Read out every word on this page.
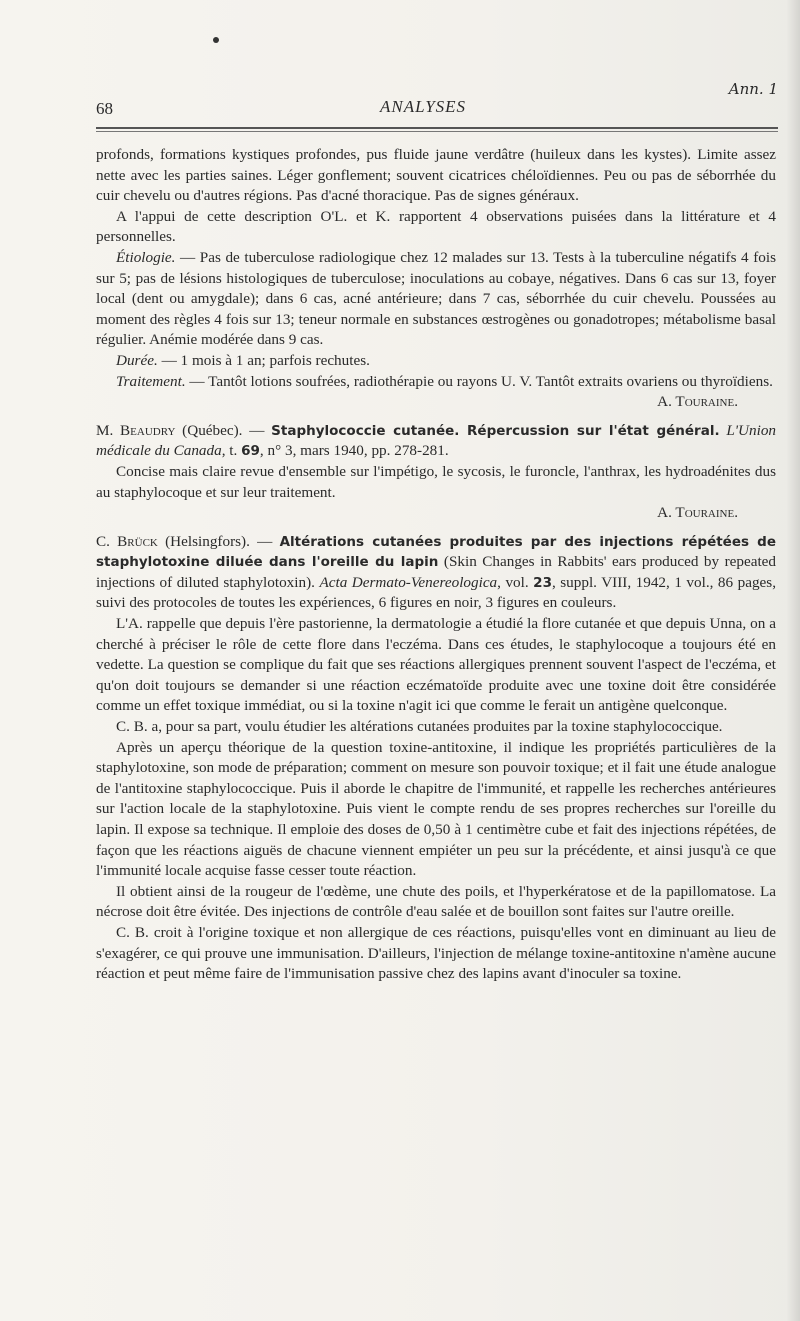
Ann. 1
68	ANALYSES

profonds, formations kystiques profondes, pus fluide jaune verdâtre (huileux dans les kystes). Limite assez nette avec les parties saines. Léger gonflement; souvent cicatrices chéloïdiennes. Peu ou pas de séborrhée du cuir chevelu ou d'autres régions. Pas d'acné thoracique. Pas de signes généraux.

A l'appui de cette description O'L. et K. rapportent 4 observations puisées dans la littérature et 4 personnelles.

Étiologie. — Pas de tuberculose radiologique chez 12 malades sur 13. Tests à la tuberculine négatifs 4 fois sur 5; pas de lésions histologiques de tuberculose; inoculations au cobaye, négatives. Dans 6 cas sur 13, foyer local (dent ou amygdale); dans 6 cas, acné antérieure; dans 7 cas, séborrhée du cuir chevelu. Poussées au moment des règles 4 fois sur 13; teneur normale en substances œstrogènes ou gonadotropes; métabolisme basal régulier. Anémie modérée dans 9 cas.

Durée. — 1 mois à 1 an; parfois rechutes.

Traitement. — Tantôt lotions soufrées, radiothérapie ou rayons U. V. Tantôt extraits ovariens ou thyroïdiens.

A. Touraine.

M. Beaudry (Québec). — Staphylococcie cutanée. Répercussion sur l'état général. L'Union médicale du Canada, t. 69, n° 3, mars 1940, pp. 278-281.

Concise mais claire revue d'ensemble sur l'impétigo, le sycosis, le furoncle, l'anthrax, les hydroadénites dus au staphylocoque et sur leur traitement.

A. Touraine.

C. Brück (Helsingfors). — Altérations cutanées produites par des injections répétées de staphylotoxine diluée dans l'oreille du lapin (Skin Changes in Rabbits' ears produced by repeated injections of diluted staphylotoxin). Acta Dermato-Venereologica, vol. 23, suppl. VIII, 1942, 1 vol., 86 pages, suivi des protocoles de toutes les expériences, 6 figures en noir, 3 figures en couleurs.

L'A. rappelle que depuis l'ère pastorienne, la dermatologie a étudié la flore cutanée et que depuis Unna, on a cherché à préciser le rôle de cette flore dans l'eczéma. Dans ces études, le staphylocoque a toujours été en vedette. La question se complique du fait que ses réactions allergiques prennent souvent l'aspect de l'eczéma, et qu'on doit toujours se demander si une réaction eczématoïde produite avec une toxine doit être considérée comme un effet toxique immédiat, ou si la toxine n'agit ici que comme le ferait un antigène quelconque.

C. B. a, pour sa part, voulu étudier les altérations cutanées produites par la toxine staphylococcique.

Après un aperçu théorique de la question toxine-antitoxine, il indique les propriétés particulières de la staphylotoxine, son mode de préparation; comment on mesure son pouvoir toxique; et il fait une étude analogue de l'antitoxine staphylococcique. Puis il aborde le chapitre de l'immunité, et rappelle les recherches antérieures sur l'action locale de la staphylotoxine. Puis vient le compte rendu de ses propres recherches sur l'oreille du lapin. Il expose sa technique. Il emploie des doses de 0,50 à 1 centimètre cube et fait des injections répétées, de façon que les réactions aiguës de chacune viennent empiéter un peu sur la précédente, et ainsi jusqu'à ce que l'immunité locale acquise fasse cesser toute réaction.

Il obtient ainsi de la rougeur de l'œdème, une chute des poils, et l'hyperkératose et de la papillomatose. La nécrose doit être évitée. Des injections de contrôle d'eau salée et de bouillon sont faites sur l'autre oreille.

C. B. croit à l'origine toxique et non allergique de ces réactions, puisqu'elles vont en diminuant au lieu de s'exagérer, ce qui prouve une immunisation. D'ailleurs, l'injection de mélange toxine-antitoxine n'amène aucune réaction et peut même faire de l'immunisation passive chez des lapins avant d'inoculer sa toxine.
